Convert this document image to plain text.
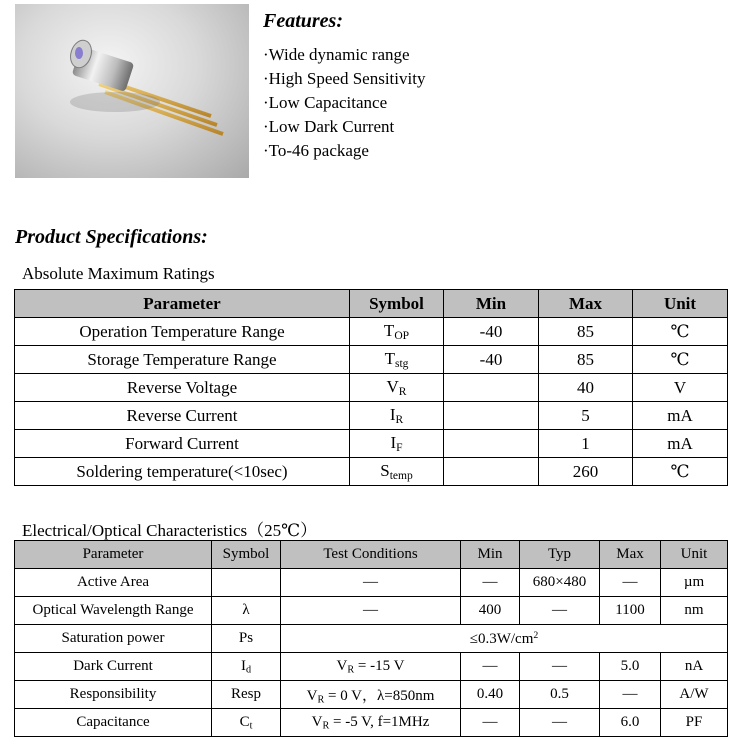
Features:
·Wide dynamic range
·High Speed Sensitivity
·Low Capacitance
·Low Dark Current
·To-46 package
Product Specifications:
Absolute Maximum Ratings
Parameter	Symbol	Min	Max	Unit
Operation Temperature Range	$T_{OP}$	-40	85	℃
Storage Temperature Range	$T_{stg}$	-40	85	℃
Reverse Voltage	$V_R$		40	V
Reverse Current	$I_R$		5	mA
Forward Current	$I_F$		1	mA
Soldering temperature(<10sec)	$S_{temp}$		260	℃
Electrical/Optical Characteristics（25℃）
Parameter	Symbol	Test Conditions	Min	Typ	Max	Unit
Active Area		—	—	680×480	—	µm
Optical Wavelength Range	λ	—	400	—	1100	nm
Saturation power	Ps	$\le 0.3W/cm^2$
Dark Current	$I_d$	$V_R = -15$ V	—	—	5.0	nA
Responsibility	Resp	$V_R = 0$ V，λ=850nm	0.40	0.5	—	A/W
Capacitance	$C_t$	$V_R = -5$ V, f=1MHz	—	—	6.0	PF
